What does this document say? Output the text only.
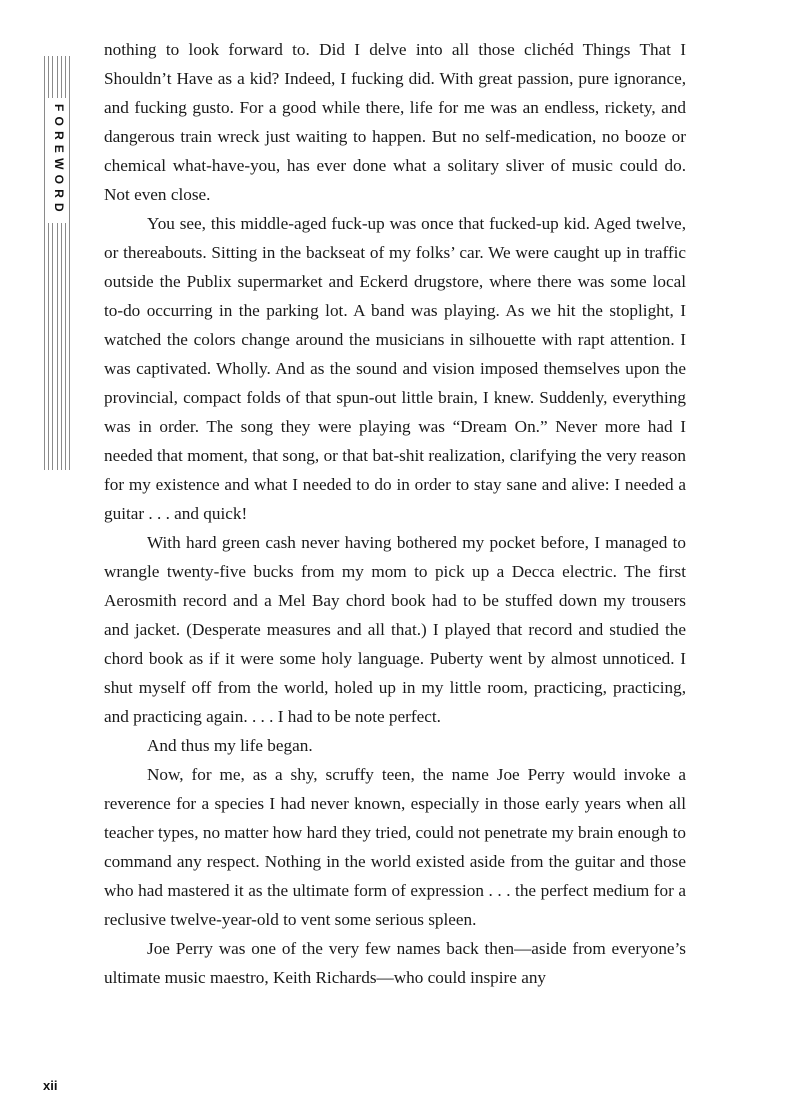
FOREWORD

nothing to look forward to. Did I delve into all those clichéd Things That I Shouldn’t Have as a kid? Indeed, I fucking did. With great passion, pure ignorance, and fucking gusto. For a good while there, life for me was an endless, rickety, and dangerous train wreck just waiting to happen. But no self-medication, no booze or chemical what-have-you, has ever done what a solitary sliver of music could do. Not even close.

You see, this middle-aged fuck-up was once that fucked-up kid. Aged twelve, or thereabouts. Sitting in the backseat of my folks’ car. We were caught up in traffic outside the Publix supermarket and Eckerd drugstore, where there was some local to-do occurring in the parking lot. A band was playing. As we hit the stoplight, I watched the colors change around the musicians in silhouette with rapt attention. I was captivated. Wholly. And as the sound and vision imposed themselves upon the provincial, compact folds of that spun-out little brain, I knew. Suddenly, everything was in order. The song they were playing was “Dream On.” Never more had I needed that moment, that song, or that bat-shit realization, clarifying the very reason for my existence and what I needed to do in order to stay sane and alive: I needed a guitar . . . and quick!

With hard green cash never having bothered my pocket before, I managed to wrangle twenty-five bucks from my mom to pick up a Decca electric. The first Aerosmith record and a Mel Bay chord book had to be stuffed down my trousers and jacket. (Desperate measures and all that.) I played that record and studied the chord book as if it were some holy language. Puberty went by almost unnoticed. I shut myself off from the world, holed up in my little room, practicing, practicing, and practicing again. . . . I had to be note perfect.

And thus my life began.

Now, for me, as a shy, scruffy teen, the name Joe Perry would invoke a reverence for a species I had never known, especially in those early years when all teacher types, no matter how hard they tried, could not penetrate my brain enough to command any respect. Nothing in the world existed aside from the guitar and those who had mastered it as the ultimate form of expression . . . the perfect medium for a reclusive twelve-year-old to vent some serious spleen.

Joe Perry was one of the very few names back then—aside from everyone’s ultimate music maestro, Keith Richards—who could inspire any

xii
